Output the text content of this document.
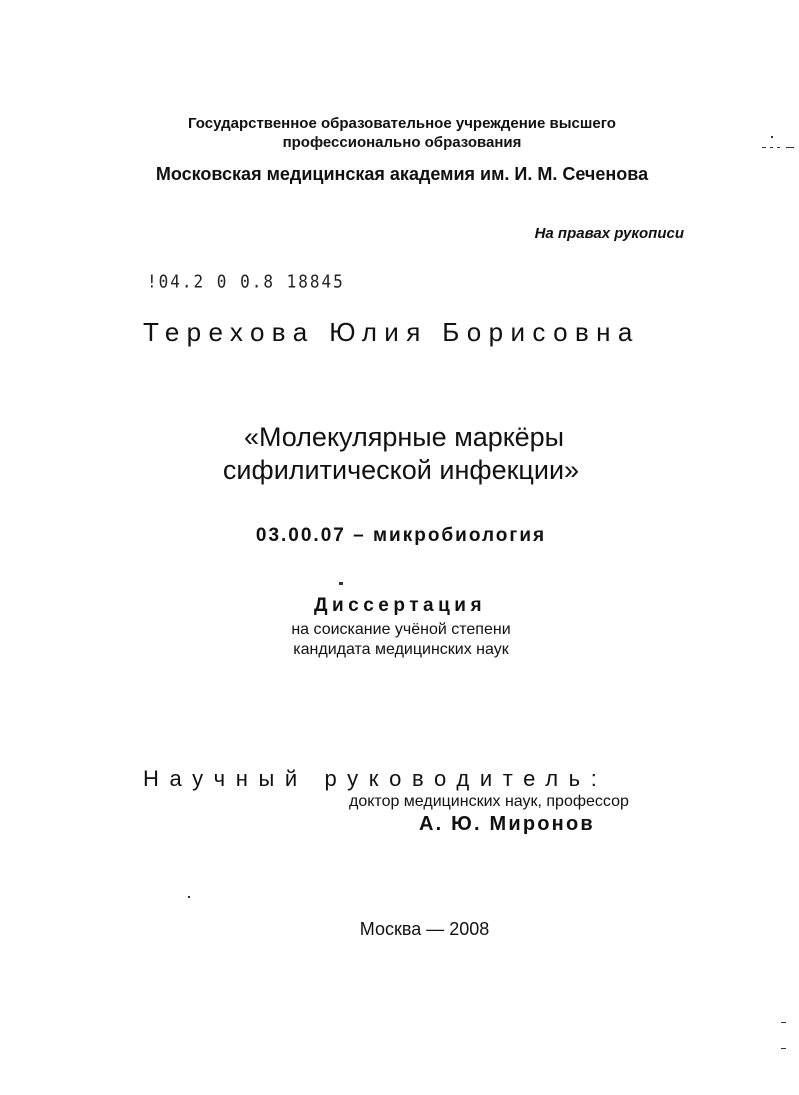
Государственное образовательное учреждение высшего
профессионально образования
Московская медицинская академия им. И. М. Сеченова
На правах рукописи
!04.2 0 0.8 18845
Терехова Юлия Борисовна
«Молекулярные маркёры
сифилитической инфекции»
03.00.07 – микробиология
Диссертация
на соискание учёной степени
кандидата медицинских наук
Научный руководитель:
доктор медицинских наук, профессор
А. Ю. Миронов
Москва — 2008
